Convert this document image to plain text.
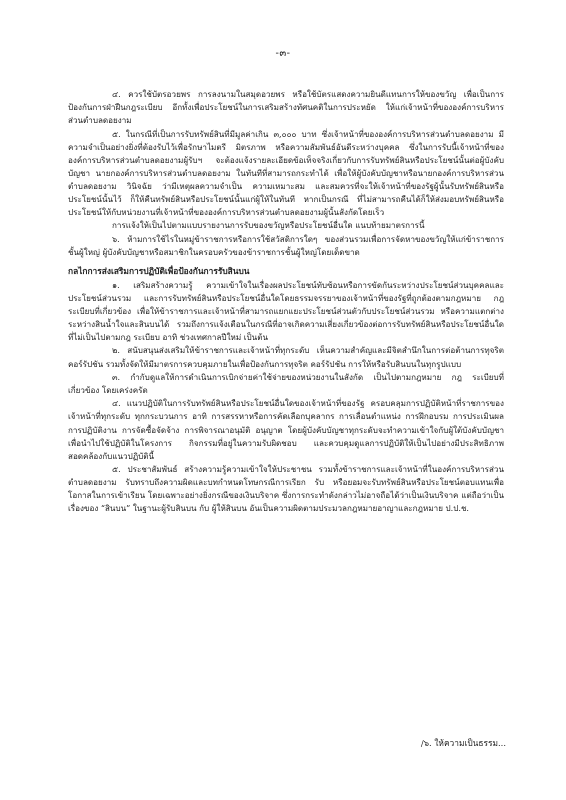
-๓-

๔. ควรใช้บัตรอวยพร การลงนามในสมุดอวยพร หรือใช้บัตรแสดงความยินดีแทนการให้ของขวัญ เพื่อเป็นการป้องกันการฝ่าฝืนกฎระเบียบ อีกทั้งเพื่อประโยชน์ในการเสริมสร้างทัศนคติในการประหยัด ให้แก่เจ้าหน้าที่ขององค์การบริหารส่วนตำบลดอยงาม

๕. ในกรณีที่เป็นการรับทรัพย์สินที่มีมูลค่าเกิน ๓,๐๐๐ บาท ซึ่งเจ้าหน้าที่ขององค์การบริหารส่วนตำบลดอยงาม มีความจำเป็นอย่างยิ่งที่ต้องรับไว้เพื่อรักษาไมตรี มิตรภาพ หรือความสัมพันธ์อันดีระหว่างบุคคล ซึ่งในการรับนี้เจ้าหน้าที่ขององค์การบริหารส่วนตำบลดอยงามผู้รับฯ จะต้องแจ้งรายละเอียดข้อเท็จจริงเกี่ยวกับการรับทรัพย์สินหรือประโยชน์นั้นต่อผู้บังคับบัญชา นายกองค์การบริหารส่วนตำบลดอยงาม ในทันทีที่สามารถกระทำได้ เพื่อให้ผู้บังคับบัญชาหรือนายกองค์การบริหารส่วนตำบลดอยงาม วินิจฉัย ว่ามีเหตุผลความจำเป็น ความเหมาะสม และสมควรที่จะให้เจ้าหน้าที่ของรัฐผู้นั้นรับทรัพย์สินหรือประโยชน์นั้นไว้ ก็ให้คืนทรัพย์สินหรือประโยชน์นั้นแก่ผู้ให้ในทันที หากเป็นกรณี ที่ไม่สามารถคืนได้ก็ให้ส่งมอบทรัพย์สินหรือประโยชน์ให้กับหน่วยงานที่เจ้าหน้าที่ขององค์การบริหารส่วนตำบลดอยงามผู้นั้นสังกัดโดยเร็ว

การแจ้งให้เป็นไปตามแบบรายงานการรับของขวัญหรือประโยชน์อื่นใด แนบท้ายมาตรการนี้

๖. ห้ามการใช้ไรในหมู่ข้าราชการหรือการใช้สวัสดิการใดๆ ของส่วนรวมเพื่อการจัดหาของขวัญให้แก่ข้าราชการชั้นผู้ใหญ่ ผู้บังคับบัญชาหรือสมาชิกในครอบครัวของข้าราชการชั้นผู้ใหญ่โดยเด็ดขาด

กลไกการส่งเสริมการปฏิบัติเพื่อป้องกันการรับสินบน

๑. เสริมสร้างความรู้ ความเข้าใจในเรื่องผลประโยชน์ทับซ้อนหรือการขัดกันระหว่างประโยชน์ส่วนบุคคลและประโยชน์ส่วนรวม และการรับทรัพย์สินหรือประโยชน์อื่นใดโดยธรรมจรรยาของเจ้าหน้าที่ของรัฐที่ถูกต้องตามกฎหมาย กฎ ระเบียบที่เกี่ยวข้อง เพื่อให้ข้าราชการและเจ้าหน้าที่สามารถแยกแยะประโยชน์ส่วนตัวกับประโยชน์ส่วนรวม หรือความแตกต่างระหว่างสินน้ำใจและสินบนได้ รวมถึงการแจ้งเตือนในกรณีที่อาจเกิดความเสี่ยงเกี่ยวข้องต่อการรับทรัพย์สินหรือประโยชน์อื่นใดที่ไม่เป็นไปตามกฎ ระเบียบ อาทิ ช่วงเทศกาลปีใหม่ เป็นต้น

๒. สนับสนุนส่งเสริมให้ข้าราชการและเจ้าหน้าที่ทุกระดับ เห็นความสำคัญและมีจิตสำนึกในการต่อต้านการทุจริต คอร์รัปชัน รวมทั้งจัดให้มีมาตรการควบคุมภายในเพื่อป้องกันการทุจริต คอร์รัปชัน การให้หรือรับสินบนในทุกรูปแบบ

๓. กำกับดูแลให้การดำเนินการเบิกจ่ายค่าใช้จ่ายของหน่วยงานในสังกัด เป็นไปตามกฎหมาย กฎ ระเบียบที่เกี่ยวข้อง โดยเคร่งครัด

๔. แนวปฏิบัติในการรับทรัพย์สินหรือประโยชน์อื่นใดของเจ้าหน้าที่ของรัฐ ครอบคลุมการปฏิบัติหน้าที่ราชการของเจ้าหน้าที่ทุกระดับ ทุกกระบวนการ อาทิ การสรรหาหรือการคัดเลือกบุคลากร การเลื่อนตำแหน่ง การฝึกอบรม การประเมินผลการปฏิบัติงาน การจัดซื้อจัดจ้าง การพิจารณาอนุมัติ อนุญาต โดยผู้บังคับบัญชาทุกระดับจะทำความเข้าใจกับผู้ใต้บังคับบัญชา เพื่อนำไปใช้ปฏิบัติในโครงการ กิจกรรมที่อยู่ในความรับผิดชอบ และควบคุมดูแลการปฏิบัติให้เป็นไปอย่างมีประสิทธิภาพ สอดคล้องกับแนวปฏิบัตินี้

๕. ประชาสัมพันธ์ สร้างความรู้ความเข้าใจให้ประชาชน รวมทั้งข้าราชการและเจ้าหน้าที่ในองค์การบริหารส่วนตำบลดอยงาม รับทราบถึงความผิดและบทกำหนดโทษกรณีการเรียก รับ หรือยอมจะรับทรัพย์สินหรือประโยชน์ตอบแทนเพื่อโอกาสในการเข้าเรียน โดยเฉพาะอย่างยิ่งกรณีของเงินบริจาค ซึ่งการกระทำดังกล่าวไม่อาจถือได้ว่าเป็นเงินบริจาค แต่ถือว่าเป็นเรื่องของ “สินบน” ในฐานะผู้รับสินบน กับ ผู้ให้สินบน อันเป็นความผิดตามประมวลกฎหมายอาญาและกฎหมาย ป.ป.ช.

/๖. ให้ความเป็นธรรม...
